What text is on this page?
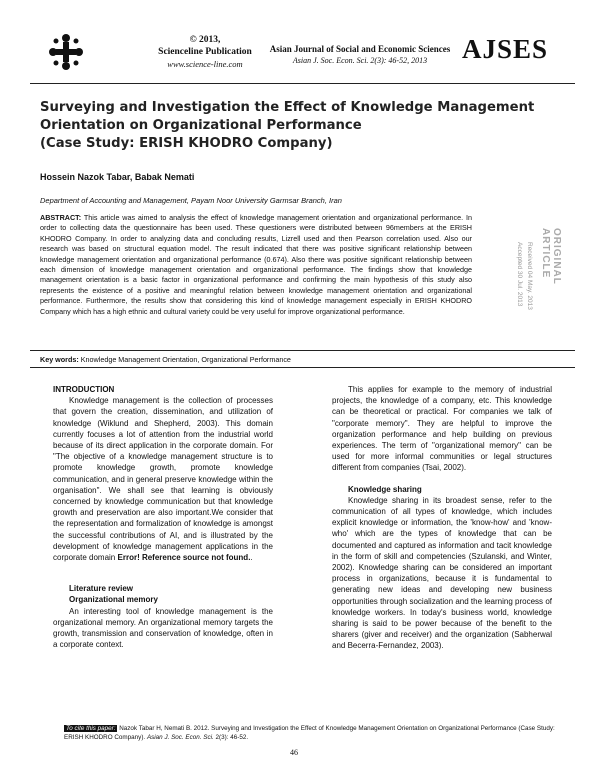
© 2013,
Scienceline Publication
www.science-line.com
Asian Journal of Social and Economic Sciences
Asian J. Soc. Econ. Sci. 2(3): 46-52, 2013	AJSES
Surveying and Investigation the Effect of Knowledge Management
Orientation on Organizational Performance
(Case Study: ERISH KHODRO Company)
Hossein Nazok Tabar, Babak Nemati
Department of Accounting and Management, Payam Noor University Garmsar Branch, Iran
ABSTRACT: This article was aimed to analysis the effect of knowledge management orientation and organizational performance. In order to collecting data the questionnaire has been used. These questioners were distributed between 96members at the ERISH KHODRO Company. In order to analyzing data and concluding results, Lizrell used and then Pearson correlation used. Also our research was based on structural equation model. The result indicated that there was positive significant relationship between knowledge management orientation and organizational performance (0.674). Also there was positive significant relationship between each dimension of knowledge management orientation and organizational performance. The findings show that knowledge management orientation is a basic factor in organizational performance and confirming the main hypothesis of this study also represents the existence of a positive and meaningful relation between knowledge management orientation and organizational performance. Furthermore, the results show that considering this kind of knowledge management especially in ERISH KHODRO Company which has a high ethnic and cultural variety could be very useful for improve organizational performance.
ORIGINAL ARTICLE
Received 04 May. 2013
Accepted 30 Jul. 2013
Key words: Knowledge Management Orientation, Organizational Performance

INTRODUCTION

Knowledge management is the collection of processes that govern the creation, dissemination, and utilization of knowledge (Wiklund and Shepherd, 2003). This domain currently focuses a lot of attention from the industrial world because of its direct application in the corporate domain. For "The objective of a knowledge management structure is to promote knowledge growth, promote knowledge communication, and in general preserve knowledge within the organisation". We shall see that learning is obviously concerned by knowledge communication but that knowledge growth and preservation are also important.We consider that the representation and formalization of knowledge is amongst the successful contributions of AI, and is illustrated by the development of knowledge management applications in the corporate domain Error! Reference source not found..

Literature review

Organizational memory

An interesting tool of knowledge management is the organizational memory. An organizational memory targets the growth, transmission and conservation of knowledge, often in a corporate context.

This applies for example to the memory of industrial projects, the knowledge of a company, etc. This knowledge can be theoretical or practical. For companies we talk of "corporate memory". They are helpful to improve the organization performance and help building on previous experiences. The term of "organizational memory" can be used for more informal communities or legal structures different from companies (Tsai, 2002).

Knowledge sharing

Knowledge sharing in its broadest sense, refer to the communication of all types of knowledge, which includes explicit knowledge or information, the 'know-how' and 'know-who' which are the types of knowledge that can be documented and captured as information and tacit knowledge in the form of skill and competencies (Szulanski, and Winter, 2002). Knowledge sharing can be considered an important process in organizations, because it is fundamental to generating new ideas and developing new business opportunities through socialization and the learning process of knowledge workers. In today's business world, knowledge sharing is said to be power because of the benefit to the sharers (giver and receiver) and the organization (Sabherwal and Becerra-Fernandez, 2003).

To cite this paper: Nazok Tabar H, Nemati B. 2012. Surveying and Investigation the Effect of Knowledge Management Orientation on Organizational Performance (Case Study: ERISH KHODRO Company). Asian J. Soc. Econ. Sci. 2(3): 46-52.
46
